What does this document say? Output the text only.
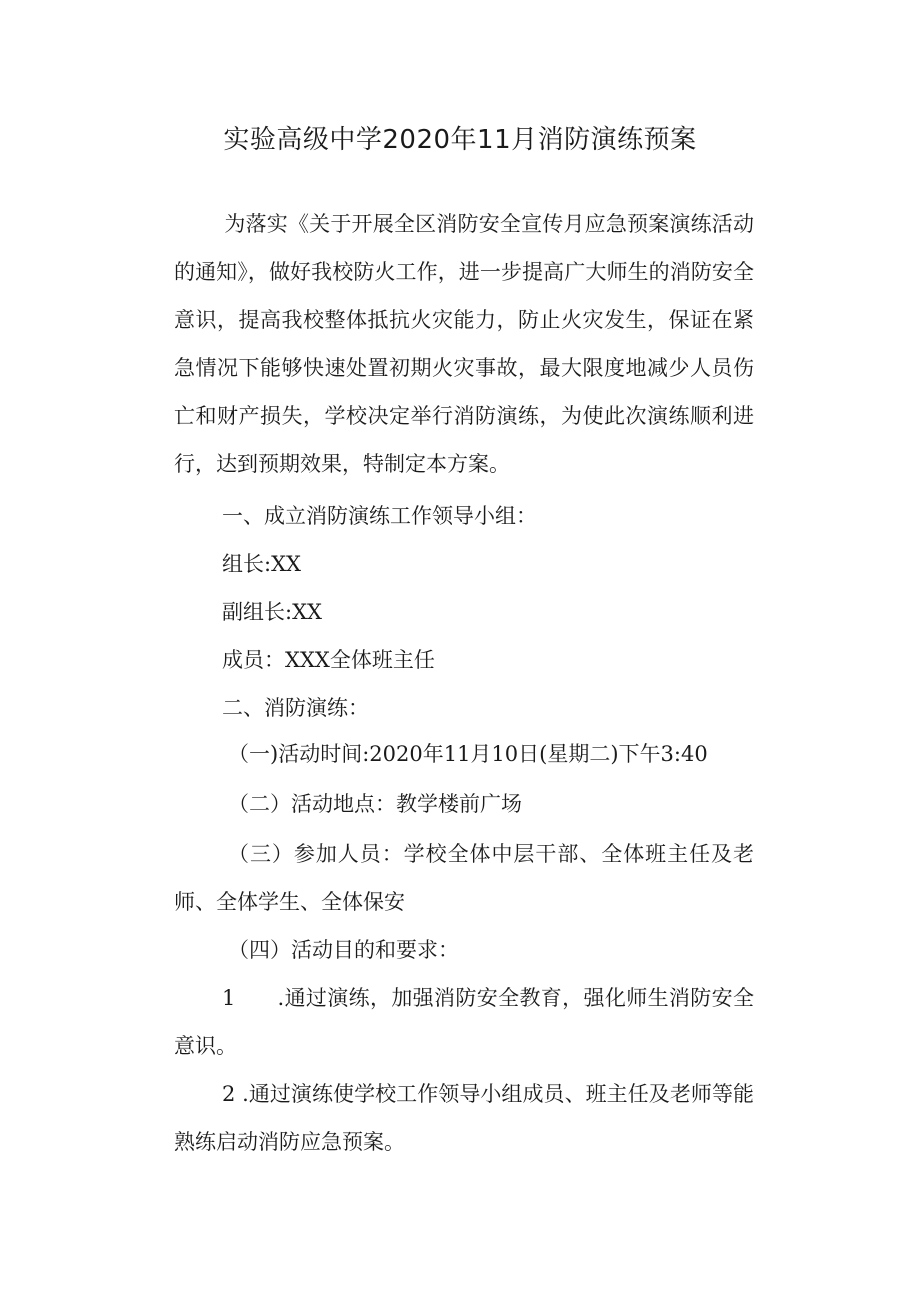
实验高级中学2020年11月消防演练预案

为落实《关于开展全区消防安全宣传月应急预案演练活动的通知》，做好我校防火工作，进一步提高广大师生的消防安全意识，提高我校整体抵抗火灾能力，防止火灾发生，保证在紧急情况下能够快速处置初期火灾事故，最大限度地减少人员伤亡和财产损失，学校决定举行消防演练，为使此次演练顺利进行，达到预期效果，特制定本方案。

一、成立消防演练工作领导小组：

组长:XX

副组长:XX

成员：XXX全体班主任

二、消防演练：

（一)活动时间:2020年11月10日(星期二)下午3:40

（二）活动地点：教学楼前广场

（三）参加人员：学校全体中层干部、全体班主任及老师、全体学生、全体保安

（四）活动目的和要求：

1      .通过演练，加强消防安全教育，强化师生消防安全意识。

2 .通过演练使学校工作领导小组成员、班主任及老师等能熟练启动消防应急预案。
